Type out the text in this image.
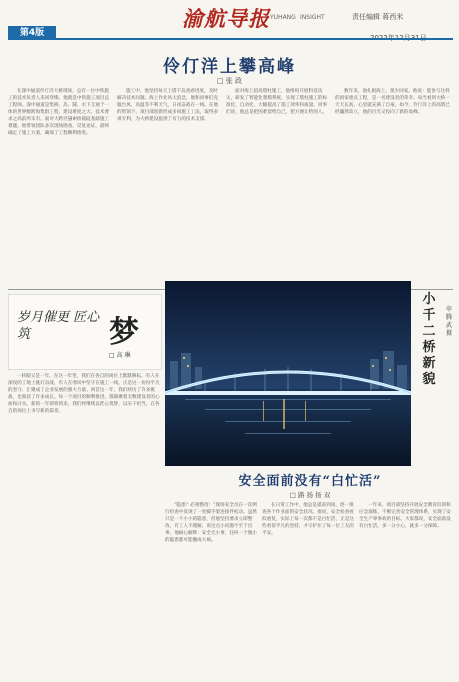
第4版
渝航导报 YUHANG INSIGHT	责任编辑 蒋西米
伶仃洋上攀高峰
□ 张 政

在深中通道伶仃洋大桥现场，总有一位中铁施工的技术负责人来回穿梭。他就是中铁施工项目总工程师。深中通道是集桥、岛、隧、水下互通于一体的世界级跨海集群工程，建设难度之大、技术要求之高前所未有。面对大跨径悬索桥锚碇基础施工难题，他带领团队多次现场勘查，反复论证，最终确定了施工方案，确保了工程顺利推进。

施工中，他坚持每天上塔下岛查看进度，及时解决技术问题。海上作业风大浪急，他和同事们克服台风、高温等不利天气，日夜奋战在一线。在他的带领下，项目部创新形成多项施工工法，取得多项专利，为大桥建设提供了有力的技术支撑。

面对海上超高塔柱施工，他组织开展科技攻关，研发了智能化爬模系统，实现了塔柱施工的标准化、自动化，大幅提高了施工效率和质量。同事们说，他总是把困难留给自己，把方便让给别人。

数年来，他扎根海上，很少回家。他说：能参与这样的国家重点工程，是一名建设者的荣幸。每当看到大桥一天天长高，心里就充满了自豪。如今，伶仃洋上的高塔已经巍然耸立，他的目光又投向了新的高峰。

岁月催更 匠心筑	梦
□ 高 琳

一转眼又是一年，在这一年里，我们在各自的岗位上默默耕耘。有人在深夜的工地上挑灯奋战，有人在寒风中坚守在施工一线。正是这一份份平凡的坚守，汇聚成了企业发展的强大力量。回首这一年，我们经历了许多挑战，也收获了许多成长。每一个项目的顺利推进，都凝聚着无数建设者的心血和汗水。新的一年即将到来，我们将继续以匠心筑梦，以实干担当，在各自的岗位上书写新的篇章。

小千二桥新貌
申腾武 摄
安全面前没有“白忙活”
□ 路 扬 扬 双

“隐患？必须整改！”现场安全员在一次例行检查中发现了一处脚手架连接件松动。虽然只是一个小小的隐患，但他坚持要求立即整改。有工人不理解，说这点小问题不至于出事。他耐心解释：安全无小事，任何一个微小的隐患都可能酿成大祸。

在日常工作中，他总是提前到岗，逐一排查各个作业面的安全状况。他说，安全检查看似重复，实际上每一次都不是白忙活，正是这些看似平凡的坚持，才守护住了每一位工友的平安。

一年来，项目部坚持开展安全教育培训和应急演练，不断完善安全管理体系，实现了安全生产零事故的目标。大家都说，安全面前没有白忙活，多一分小心，就多一分保障。
